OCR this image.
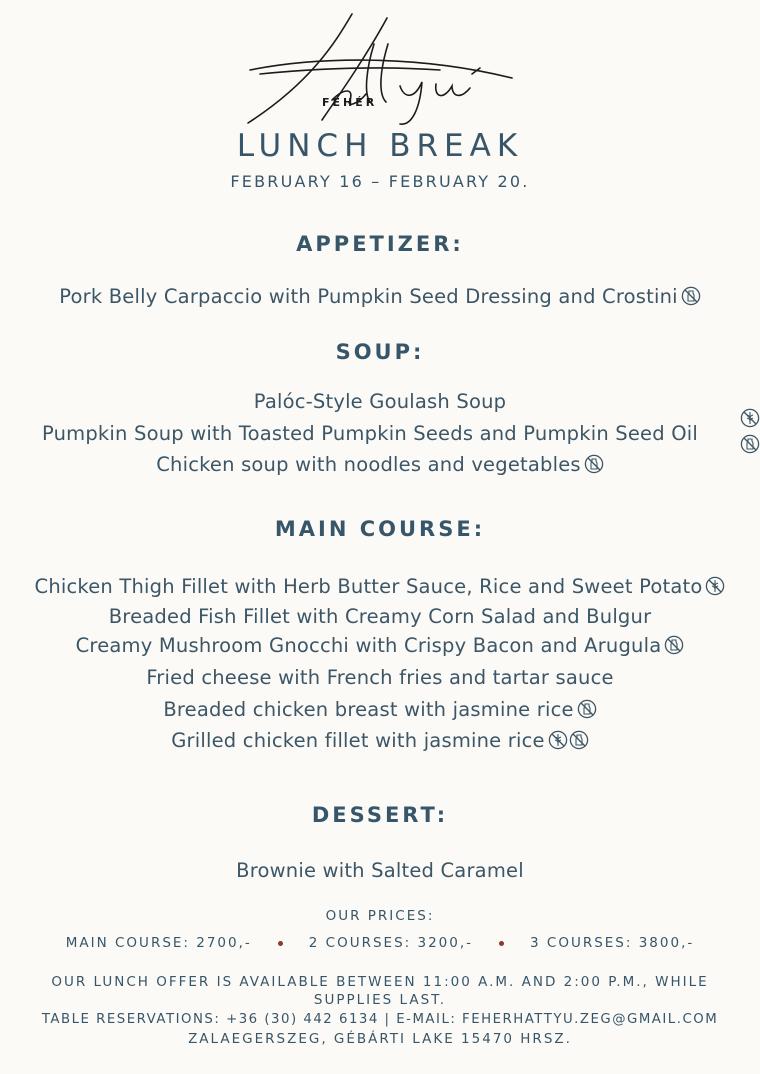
FEHÉR
LUNCH BREAK
FEBRUARY 16 – FEBRUARY 20.
APPETIZER:
Pork Belly Carpaccio with Pumpkin Seed Dressing and Crostini
SOUP:
Palóc-Style Goulash Soup
Pumpkin Soup with Toasted Pumpkin Seeds and Pumpkin Seed Oil
Chicken soup with noodles and vegetables
MAIN COURSE:
Chicken Thigh Fillet with Herb Butter Sauce, Rice and Sweet Potato
Breaded Fish Fillet with Creamy Corn Salad and Bulgur
Creamy Mushroom Gnocchi with Crispy Bacon and Arugula
Fried cheese with French fries and tartar sauce
Breaded chicken breast with jasmine rice
Grilled chicken fillet with jasmine rice
DESSERT:
Brownie with Salted Caramel
OUR PRICES:
MAIN COURSE: 2700,-	2 COURSES: 3200,-	3 COURSES: 3800,-
OUR LUNCH OFFER IS AVAILABLE BETWEEN 11:00 A.M. AND 2:00 P.M., WHILE
SUPPLIES LAST.
TABLE RESERVATIONS: +36 (30) 442 6134 | E-MAIL: FEHERHATTYU.ZEG@GMAIL.COM
ZALAEGERSZEG, GÉBÁRTI LAKE 15470 HRSZ.
